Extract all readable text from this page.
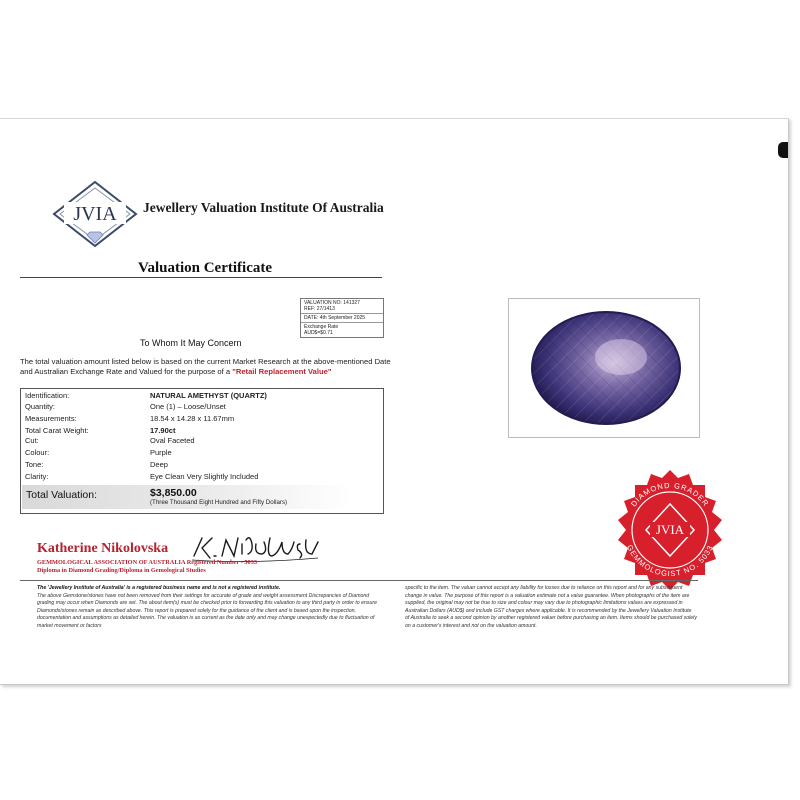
JVIA Jewellery Valuation Institute Of Australia
Valuation Certificate
VALUATION NO: 141327
REF: 27/1413
DATE: 4th September 2025
Exchange Rate
AUD$=$0.71
To Whom It May Concern
The total valuation amount listed below is based on the current Market Research at the above-mentioned Date and Australian Exchange Rate and Valued for the purpose of a "Retail Replacement Value"
Identification:	NATURAL AMETHYST (QUARTZ)
Quantity:	One (1) – Loose/Unset
Measurements:	18.54 x 14.28 x 11.67mm
Total Carat Weight:	17.90ct
Cut:	Oval Faceted
Colour:	Purple
Tone:	Deep
Clarity:	Eye Clean Very Slightly Included
Total Valuation:	$3,850.00
(Three Thousand Eight Hundred and Fifty Dollars)	DIAMOND GRADER
GEMMOLOGIST NO. 5033
JVIA
Katherine Nikolovska
GEMMOLOGICAL ASSOCIATION OF AUSTRALIA Registered Number - 5033
Diploma in Diamond Grading/Diploma in Gemological Studies
The 'Jewellery Institute of Australia' is a registered business name and is not a registered institute.
The above Gemstone/stones have not been removed from their settings for accurate of grade and weight assessment Discrepancies of Diamond grading may occur when Diamonds are set. The about item(s) must be checked prior to forwarding this valuation to any third party in order to ensure Diamonds/stones remain as described above. This report is prepared solely for the guidance of the client and is based upon the inspection, documentation and assumptions as detailed herein. The valuation is as current as the date only and may change unexpectedly due to fluctuation of market movement or factors
specific to the item. The valuer cannot accept any liability for losses due to reliance on this report and for any subsequent change in value. The purpose of this report is a valuation estimate not a value guarantee. When photographs of the item are supplied, the original may not be true to size and colour may vary due to photographic limitations values are expressed in Australian Dollars (AUD$) and include GST charges where applicable. It is recommended by the Jewellery Valuation Institute of Australia to seek a second opinion by another registered valuer before purchasing an item. Items should be purchased solely on a customer's interest and not on the valuation amount.
